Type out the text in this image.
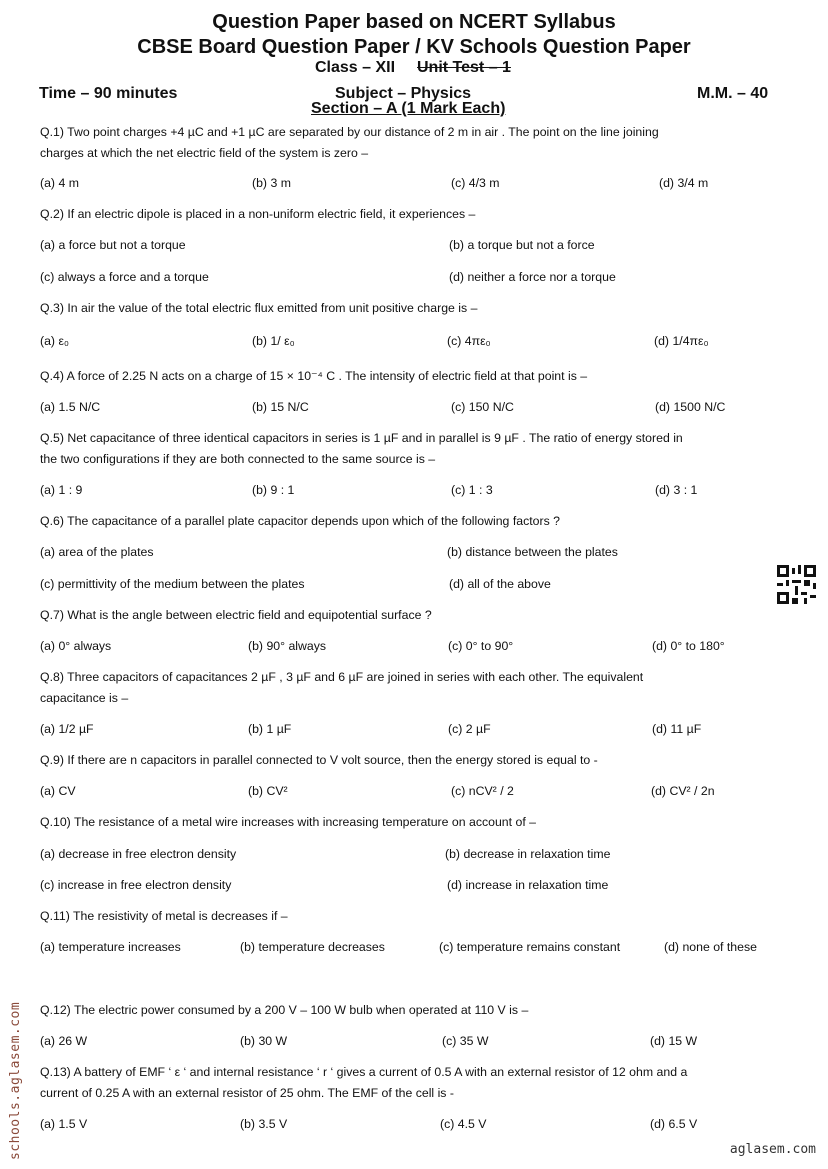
Question Paper based on NCERT Syllabus
CBSE Board Question Paper / KV Schools Question Paper
Class – XII Unit Test – 1
Time – 90 minutes	Subject – Physics	M.M. – 40
Section – A (1 Mark Each)
Q.1) Two point charges +4 µC and +1 µC are separated by our distance of 2 m in air . The point on the line joining
charges at which the net electric field of the system is zero –
(a) 4 m	(b) 3 m	(c) 4/3 m	(d) 3/4 m
Q.2) If an electric dipole is placed in a non-uniform electric field, it experiences –
(a) a force but not a torque	(b) a torque but not a force
(c) always a force and a torque	(d) neither a force nor a torque
Q.3) In air the value of the total electric flux emitted from unit positive charge is –
(a) ε₀	(b) 1/ ε₀	(c) 4πε₀	(d) 1/4πε₀
Q.4) A force of 2.25 N acts on a charge of 15 × 10⁻⁴ C . The intensity of electric field at that point is –
(a) 1.5 N/C	(b) 15 N/C	(c) 150 N/C	(d) 1500 N/C
Q.5) Net capacitance of three identical capacitors in series is 1 µF and in parallel is 9 µF . The ratio of energy stored in
the two configurations if they are both connected to the same source is –
(a) 1 : 9	(b) 9 : 1	(c) 1 : 3	(d) 3 : 1
Q.6) The capacitance of a parallel plate capacitor depends upon which of the following factors ?
(a) area of the plates	(b) distance between the plates
(c) permittivity of the medium between the plates	(d) all of the above
Q.7) What is the angle between electric field and equipotential surface ?
(a) 0° always	(b) 90° always	(c) 0° to 90°	(d) 0° to 180°
Q.8) Three capacitors of capacitances 2 µF , 3 µF and 6 µF are joined in series with each other. The equivalent
capacitance is –
(a) 1/2 µF	(b) 1 µF	(c) 2 µF	(d) 11 µF
Q.9) If there are n capacitors in parallel connected to V volt source, then the energy stored is equal to -
(a) CV	(b) CV²	(c) nCV² / 2	(d) CV² / 2n
Q.10) The resistance of a metal wire increases with increasing temperature on account of –
(a) decrease in free electron density	(b) decrease in relaxation time
(c) increase in free electron density	(d) increase in relaxation time
Q.11) The resistivity of metal is decreases if –
(a) temperature increases	(b) temperature decreases	(c) temperature remains constant	(d) none of these
Q.12) The electric power consumed by a 200 V – 100 W bulb when operated at 110 V is –
(a) 26 W	(b) 30 W	(c) 35 W	(d) 15 W
Q.13) A battery of EMF ‘ ε ‘ and internal resistance ‘ r ‘ gives a current of 0.5 A with an external resistor of 12 ohm and a
current of 0.25 A with an external resistor of 25 ohm. The EMF of the cell is -
(a) 1.5 V	(b) 3.5 V	(c) 4.5 V	(d) 6.5 V
schools.aglasem.com	aglasem.com
